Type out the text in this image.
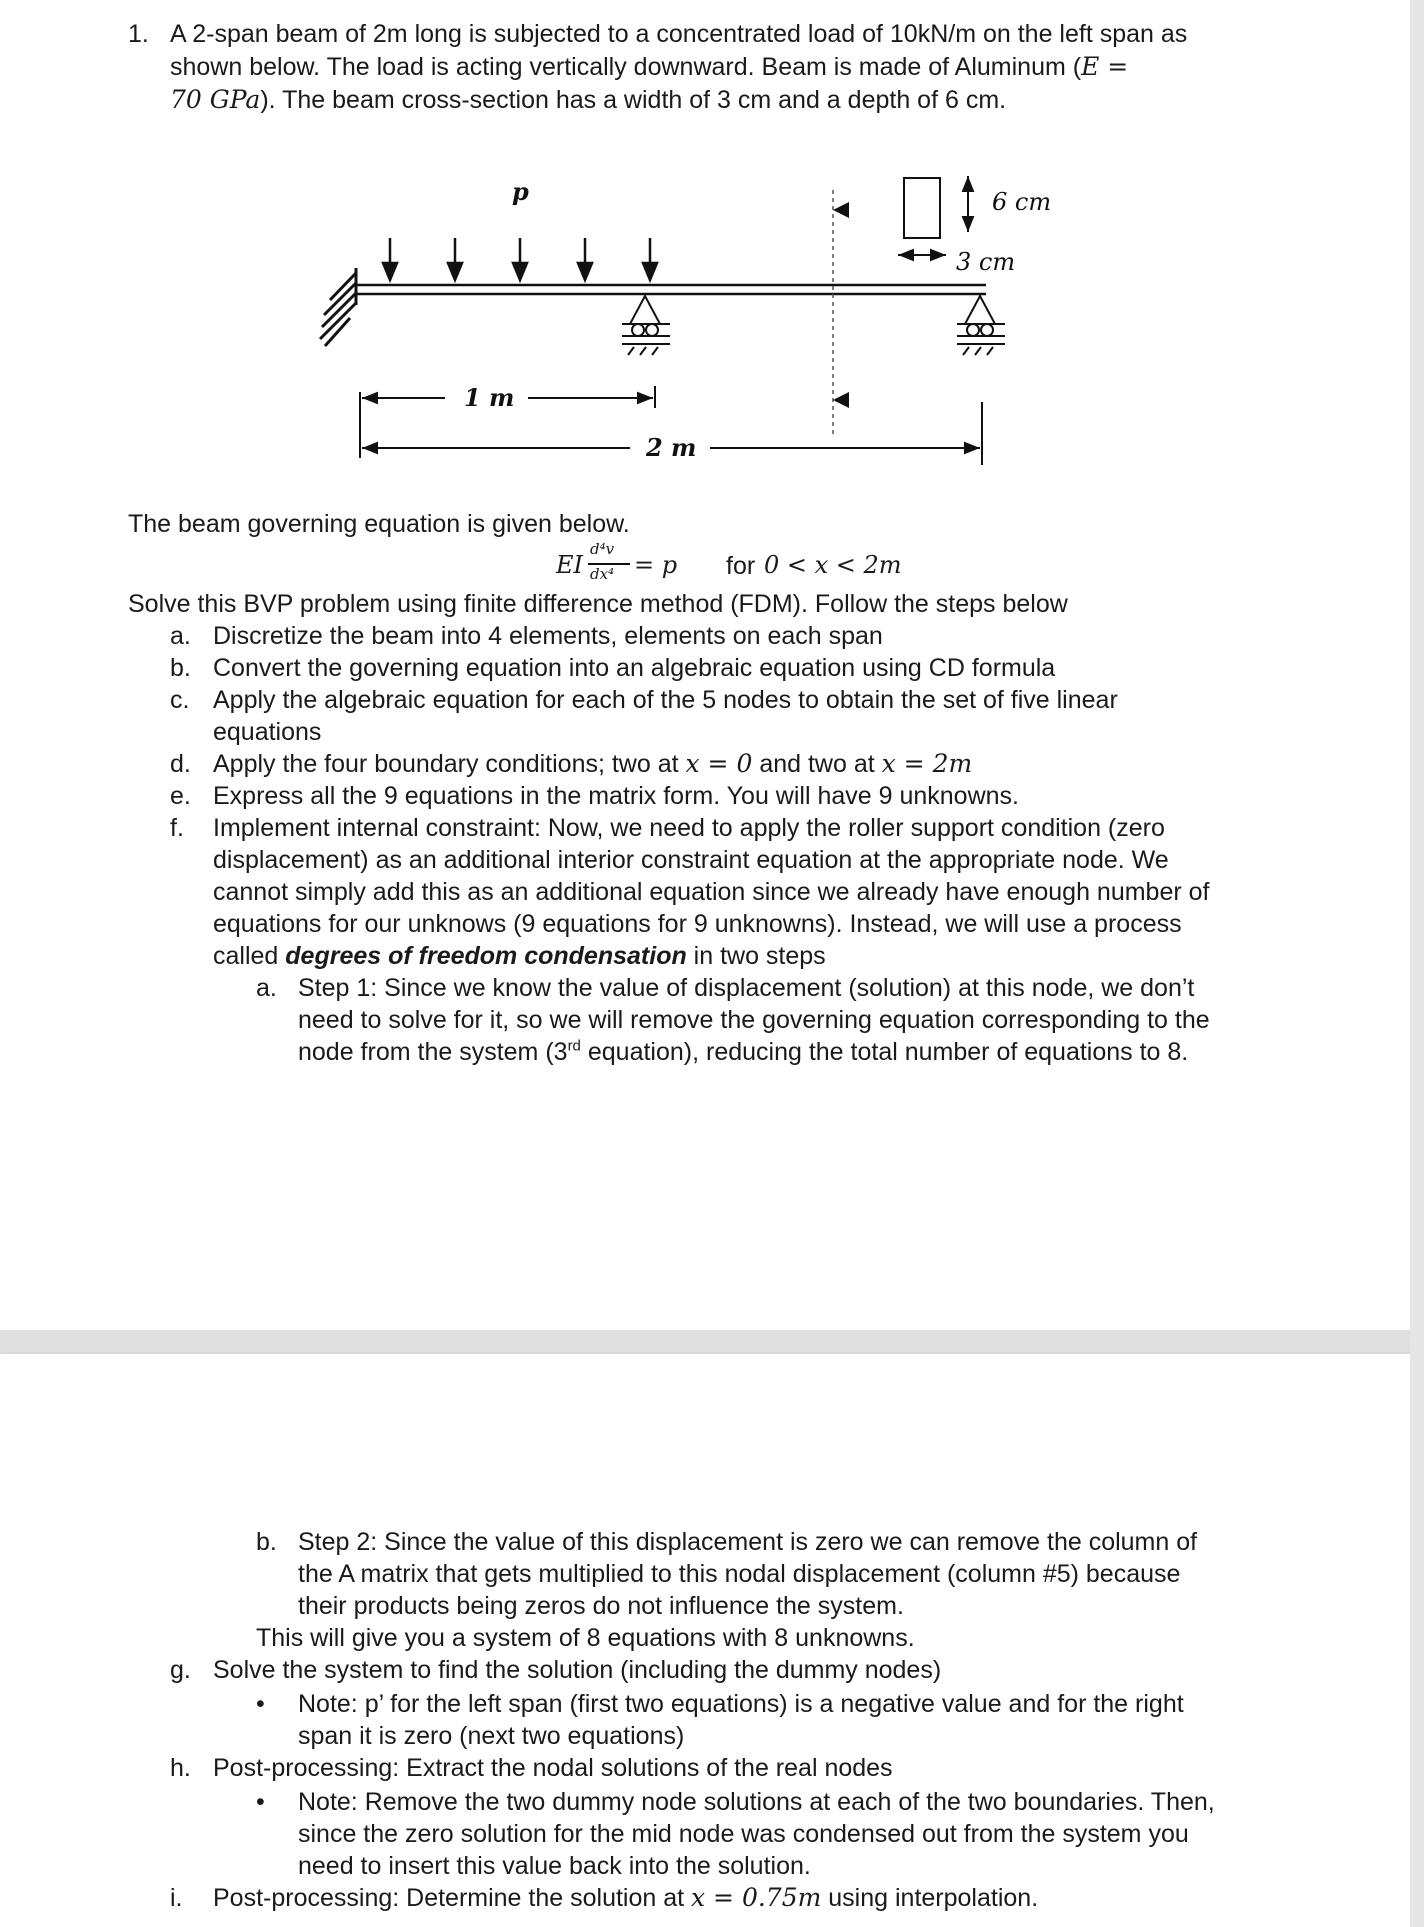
1. A 2-span beam of 2m long is subjected to a concentrated load of 10kN/m on the left span as
shown below. The load is acting vertically downward. Beam is made of Aluminum (E =
70 GPa). The beam cross-section has a width of 3 cm and a depth of 6 cm.
p	6 cm
3 cm
1 m
2 m
The beam governing equation is given below.
EI
d⁴v
dx⁴ = p for 0 < x < 2m
Solve this BVP problem using finite difference method (FDM). Follow the steps below
a. Discretize the beam into 4 elements, elements on each span
b. Convert the governing equation into an algebraic equation using CD formula
c. Apply the algebraic equation for each of the 5 nodes to obtain the set of five linear
equations
d. Apply the four boundary conditions; two at x = 0 and two at x = 2m
e. Express all the 9 equations in the matrix form. You will have 9 unknowns.
f. Implement internal constraint: Now, we need to apply the roller support condition (zero
displacement) as an additional interior constraint equation at the appropriate node. We
cannot simply add this as an additional equation since we already have enough number of
equations for our unknows (9 equations for 9 unknowns). Instead, we will use a process
called degrees of freedom condensation in two steps
a. Step 1: Since we know the value of displacement (solution) at this node, we don’t
need to solve for it, so we will remove the governing equation corresponding to the
node from the system (3rd equation), reducing the total number of equations to 8.
b. Step 2: Since the value of this displacement is zero we can remove the column of
the A matrix that gets multiplied to this nodal displacement (column #5) because
their products being zeros do not influence the system.
This will give you a system of 8 equations with 8 unknowns.
g. Solve the system to find the solution (including the dummy nodes)
• Note: p’ for the left span (first two equations) is a negative value and for the right
span it is zero (next two equations)
h. Post-processing: Extract the nodal solutions of the real nodes
• Note: Remove the two dummy node solutions at each of the two boundaries. Then,
since the zero solution for the mid node was condensed out from the system you
need to insert this value back into the solution.
i. Post-processing: Determine the solution at x = 0.75m using interpolation.
